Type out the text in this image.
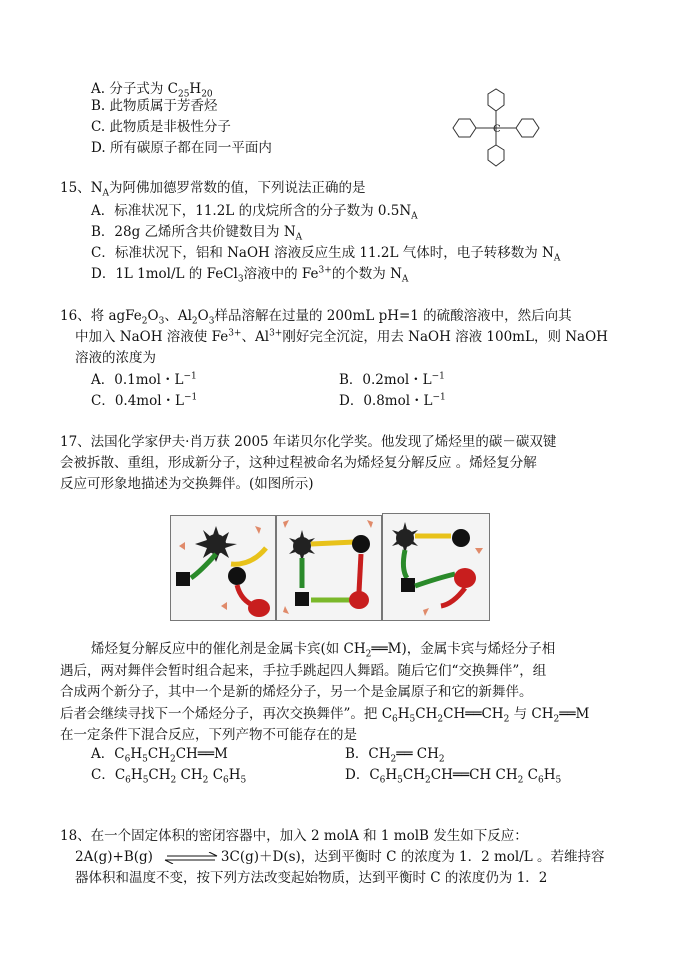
A. 分子式为 $C_{25}H_{20}$
B. 此物质属于芳香烃
C. 此物质是非极性分子
D. 所有碳原子都在同一平面内
C
15、$N_A$为阿佛加德罗常数的值，下列说法正确的是
A．标准状况下，11.2L 的戊烷所含的分子数为 $0.5N_A$
B．28g 乙烯所含共价键数目为 $N_A$
C．标准状况下，铝和 NaOH 溶液反应生成 11.2L 气体时，电子转移数为 $N_A$
D．1L 1mol/L 的 FeCl$_3$溶液中的 $Fe^{3+}$的个数为 $N_A$
16、将 $agFe_2O_3$、$Al_2O_3$样品溶解在过量的 200mL pH=1 的硫酸溶液中，然后向其
中加入 NaOH 溶液使 $Fe^{3+}$、$Al^{3+}$刚好完全沉淀，用去 NaOH 溶液 100mL，则 NaOH
溶液的浓度为
A．0.1mol・$L^{-1}$	B．0.2mol・$L^{-1}$
C．0.4mol・$L^{-1}$	D．0.8mol・$L^{-1}$
17、法国化学家伊夫·肖万获 2005 年诺贝尔化学奖。他发现了烯烃里的碳－碳双键
会被拆散、重组，形成新分子，这种过程被命名为烯烃复分解反应 。烯烃复分解
反应可形象地描述为交换舞伴。(如图所示)
烯烃复分解反应中的催化剂是金属卡宾(如 $CH_2══M$)，金属卡宾与烯烃分子相
遇后，两对舞伴会暂时组合起来，手拉手跳起四人舞蹈。随后它们“交换舞伴”，组
合成两个新分子，其中一个是新的烯烃分子，另一个是金属原子和它的新舞伴。
后者会继续寻找下一个烯烃分子，再次交换舞伴”。把 $C_6H_5CH_2CH══CH_2$ 与 $CH_2══M$
在一定条件下混合反应，下列产物不可能存在的是
A．$C_6H_5CH_2CH══M$	B．$CH_2══$ $CH_2$
C．$C_6H_5CH_2$ $CH_2$ $C_6H_5$	D．$C_6H_5CH_2CH══CH$ $CH_2$ $C_6H_5$
18、在一个固定体积的密闭容器中，加入 2 molA 和 1 molB 发生如下反应：
2A(g)+B(g)	3C(g)＋D(s)，达到平衡时 C 的浓度为 1．2 mol/L 。若维持容
器体积和温度不变，按下列方法改变起始物质，达到平衡时 C 的浓度仍为 1．2
